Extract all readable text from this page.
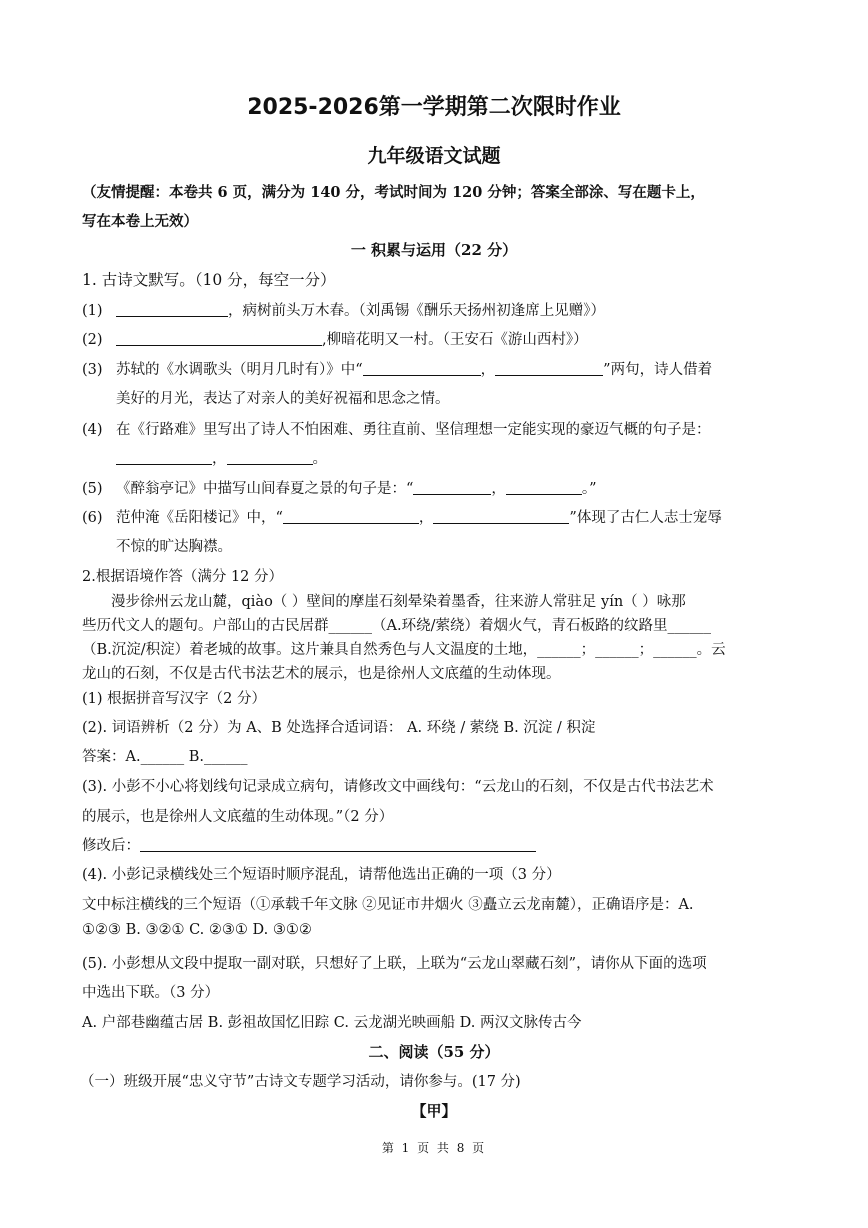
2025-2026第一学期第二次限时作业
九年级语文试题
（友情提醒：本卷共 6 页，满分为 140 分，考试时间为 120 分钟；答案全部涂、写在题卡上，
写在本卷上无效）
一 积累与运用（22 分）
1. 古诗文默写。（10 分，每空一分）
(1)	，病树前头万木春。（刘禹锡《酬乐天扬州初逢席上见赠》）
(2)	,柳暗花明又一村。（王安石《游山西村》）
(3) 苏轼的《水调歌头（明月几时有）》中“	，	”两句，诗人借着
美好的月光，表达了对亲人的美好祝福和思念之情。
(4) 在《行路难》里写出了诗人不怕困难、勇往直前、坚信理想一定能实现的豪迈气概的句子是：
，	。
(5) 《醉翁亭记》中描写山间春夏之景的句子是：“	，	。”
(6) 范仲淹《岳阳楼记》中，“	，	”体现了古仁人志士宠辱
不惊的旷达胸襟。
2.根据语境作答（满分 12 分）
漫步徐州云龙山麓，qiào（ ）壁间的摩崖石刻晕染着墨香，往来游人常驻足 yín（ ）咏那
些历代文人的题句。户部山的古民居群______（A.环绕/萦绕）着烟火气，青石板路的纹路里______
（B.沉淀/积淀）着老城的故事。这片兼具自然秀色与人文温度的土地，______；______；______。云
龙山的石刻，不仅是古代书法艺术的展示，也是徐州人文底蕴的生动体现。
(1) 根据拼音写汉字（2 分）
(2). 词语辨析（2 分）为 A、B 处选择合适词语： A. 环绕 / 萦绕 B. 沉淀 / 积淀
答案：A.______ B.______
(3). 小彭不小心将划线句记录成立病句，请修改文中画线句：“云龙山的石刻，不仅是古代书法艺术
的展示，也是徐州人文底蕴的生动体现。”（2 分）
修改后：
(4). 小彭记录横线处三个短语时顺序混乱，请帮他选出正确的一项（3 分）
文中标注横线的三个短语（①承载千年文脉 ②见证市井烟火 ③矗立云龙南麓），正确语序是：A.
①②③ B. ③②① C. ②③① D. ③①②
(5). 小彭想从文段中提取一副对联，只想好了上联，上联为“云龙山翠藏石刻”，请你从下面的选项
中选出下联。（3 分）
A. 户部巷幽蕴古居 B. 彭祖故国忆旧踪 C. 云龙湖光映画船 D. 两汉文脉传古今
二、阅读（55 分）
（一）班级开展“忠义守节”古诗文专题学习活动，请你参与。(17 分)
【甲】
第 1 页 共 8 页
